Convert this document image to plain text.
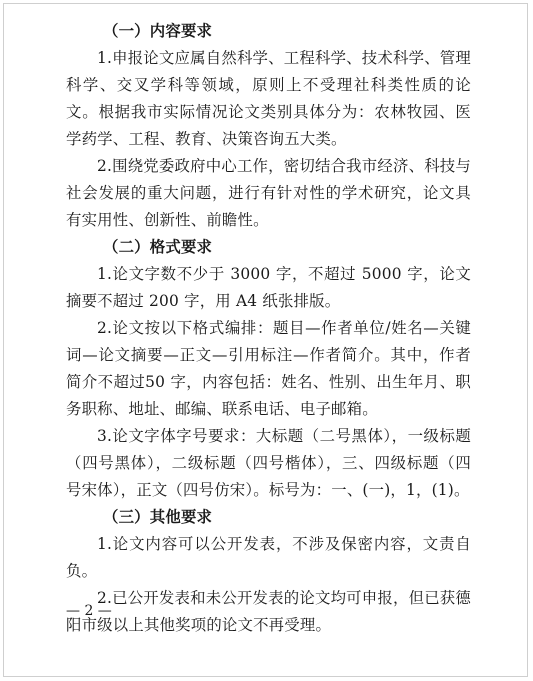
（一）内容要求

1.申报论文应属自然科学、工程科学、技术科学、管理科学、交叉学科等领域，原则上不受理社科类性质的论文。根据我市实际情况论文类别具体分为：农林牧园、医学药学、工程、教育、决策咨询五大类。

2.围绕党委政府中心工作，密切结合我市经济、科技与社会发展的重大问题，进行有针对性的学术研究，论文具有实用性、创新性、前瞻性。

（二）格式要求

1.论文字数不少于 3000 字，不超过 5000 字，论文摘要不超过 200 字，用 A4 纸张排版。

2.论文按以下格式编排：题目—作者单位/姓名—关键词—论文摘要—正文—引用标注—作者简介。其中，作者简介不超过50 字，内容包括：姓名、性别、出生年月、职务职称、地址、邮编、联系电话、电子邮箱。

3.论文字体字号要求：大标题（二号黑体），一级标题（四号黑体），二级标题（四号楷体），三、四级标题（四号宋体），正文（四号仿宋）。标号为：一、(一)，1，(1)。

（三）其他要求

1.论文内容可以公开发表，不涉及保密内容，文责自负。

2.已公开发表和未公开发表的论文均可申报，但已获德阳市级以上其他奖项的论文不再受理。

— 2 —
